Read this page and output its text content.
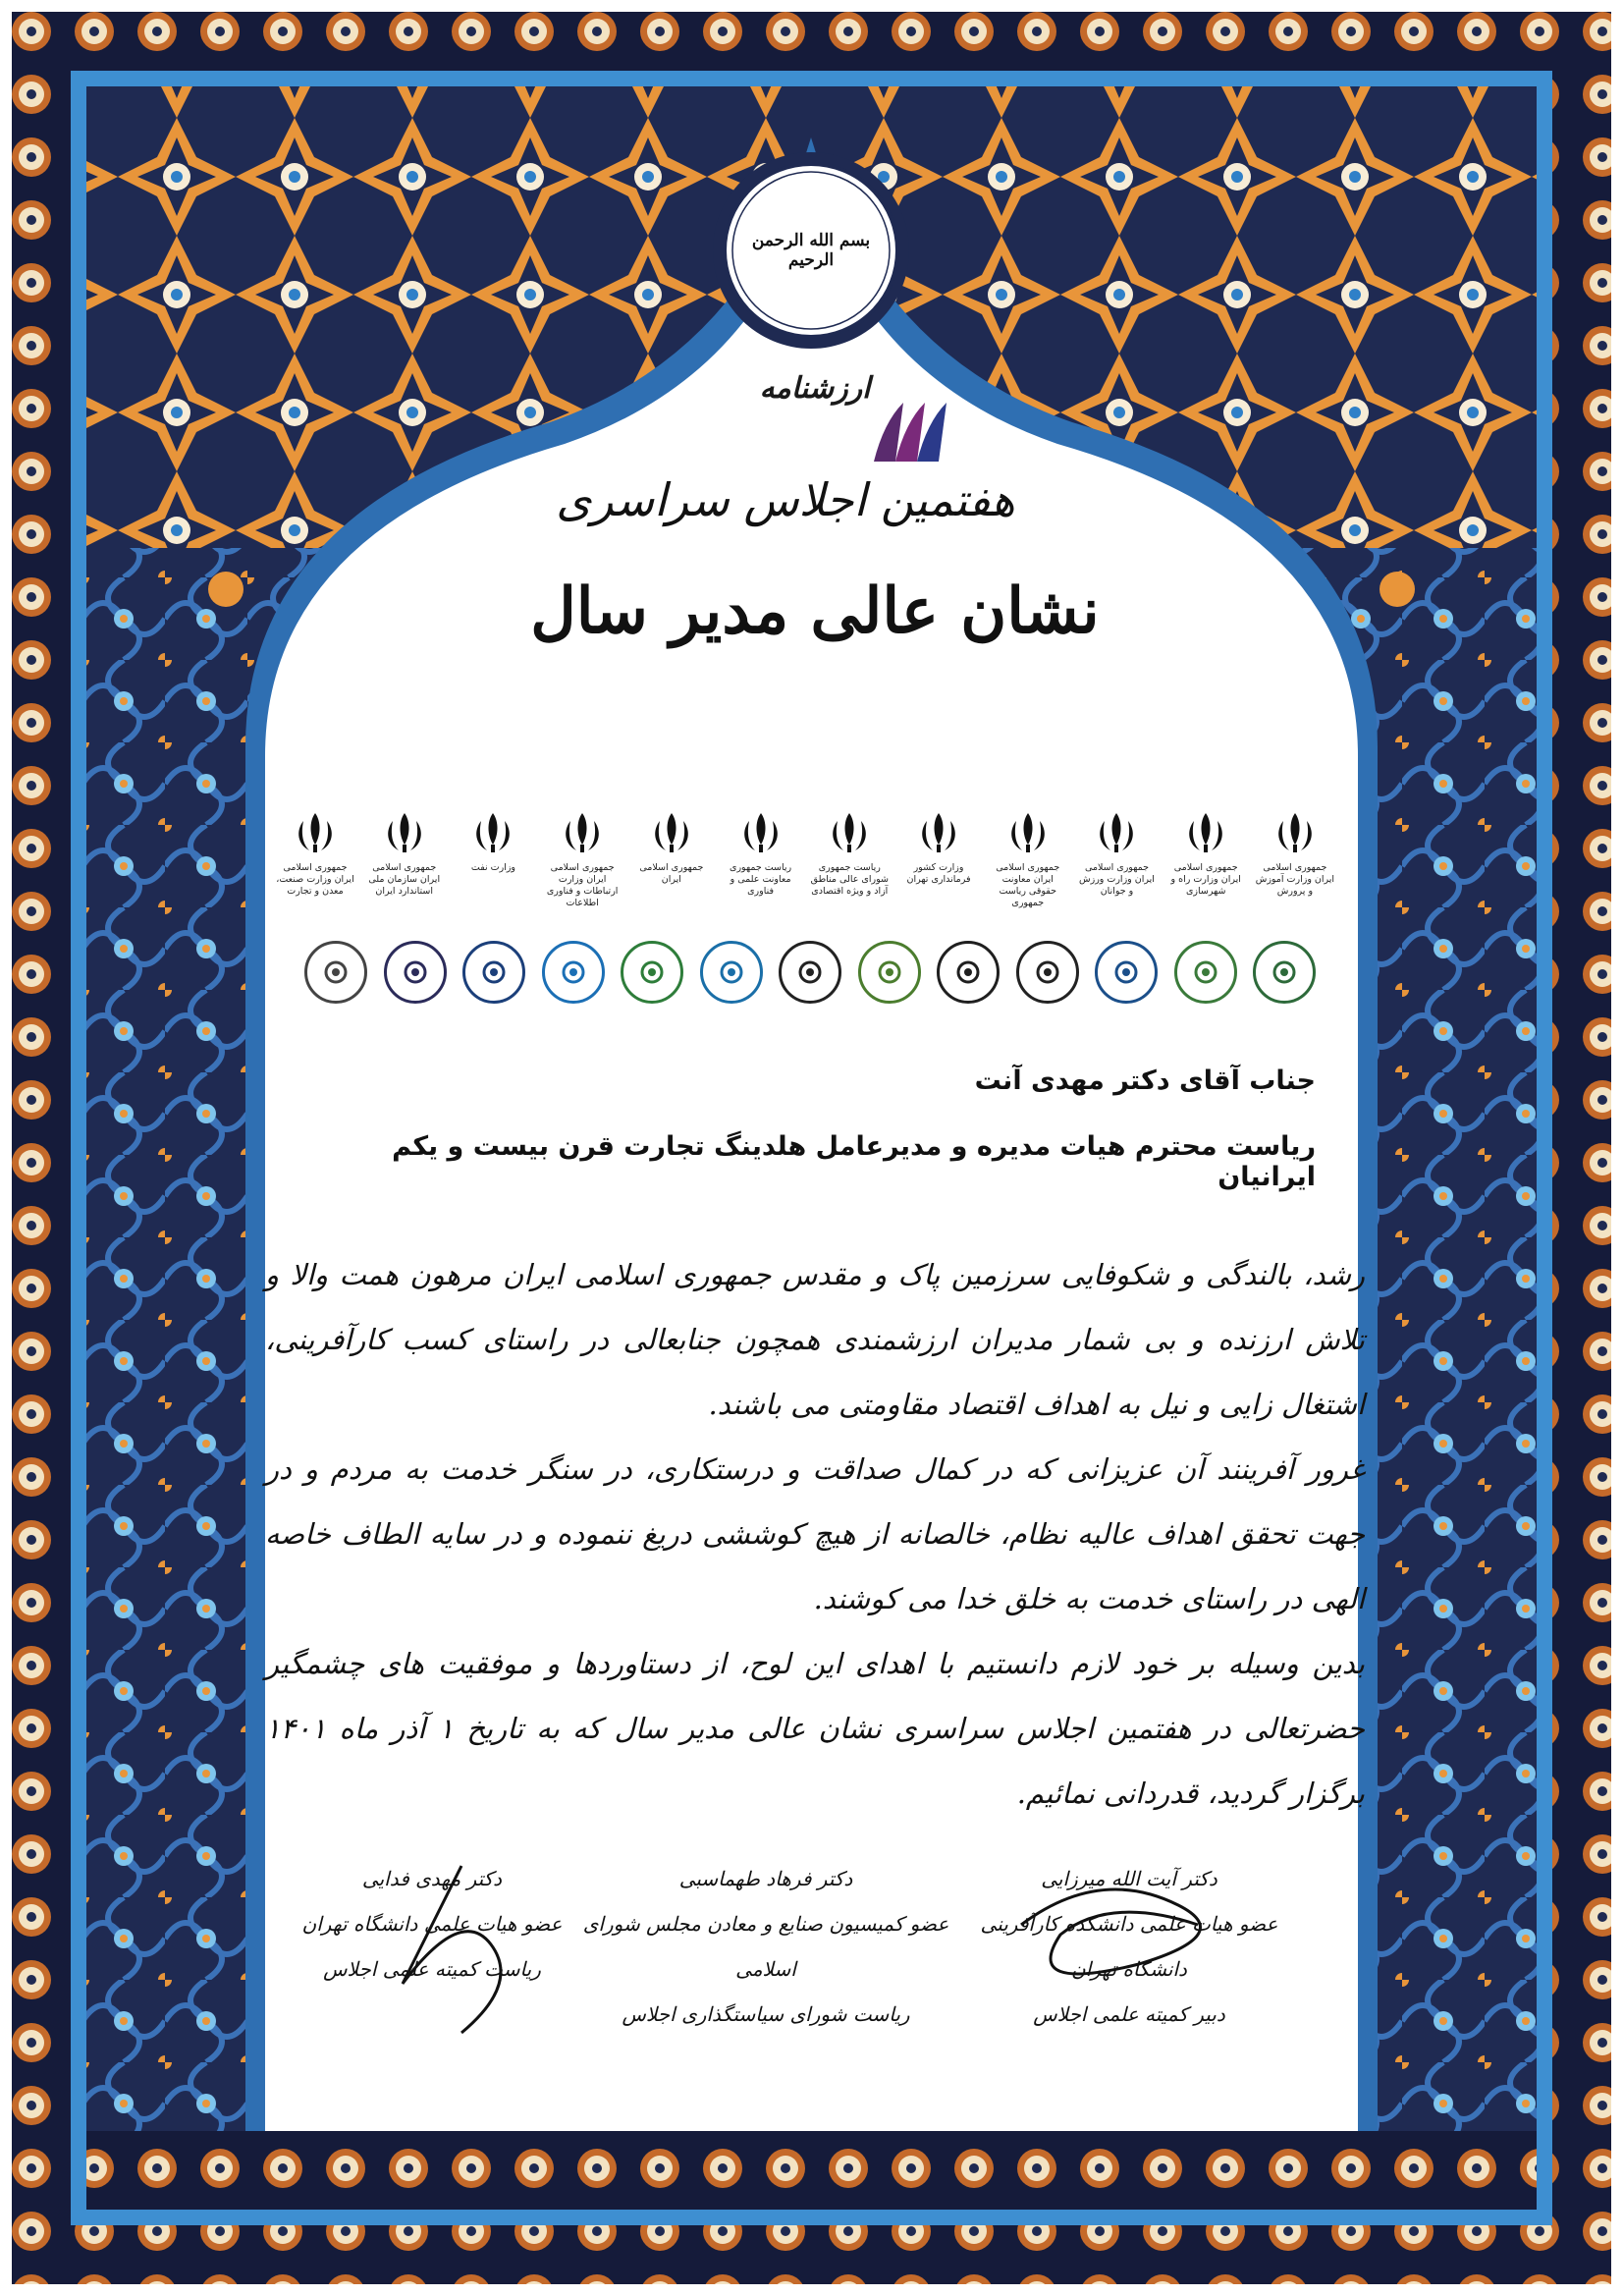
بسم الله الرحمن الرحیم
ارزشنامه
هفتمین اجلاس سراسری
نشان عالی مدیر سال
جمهوری اسلامی ایران وزارت آموزش و پرورش
جمهوری اسلامی ایران وزارت راه و شهرسازی
جمهوری اسلامی ایران وزارت ورزش و جوانان
جمهوری اسلامی ایران معاونت حقوقی ریاست جمهوری
وزارت کشور فرمانداری تهران
ریاست جمهوری شورای عالی مناطق آزاد و ویژه اقتصادی
ریاست جمهوری معاونت علمی و فناوری
جمهوری اسلامی ایران
جمهوری اسلامی ایران وزارت ارتباطات و فناوری اطلاعات
وزارت نفت
جمهوری اسلامی ایران سازمان ملی استاندارد ایران
جمهوری اسلامی ایران وزارت صنعت، معدن و تجارت
جناب آقای دکتر مهدی آنت
ریاست محترم هیات مدیره و مدیرعامل هلدینگ تجارت قرن بیست و یکم ایرانیان

رشد، بالندگی و شکوفایی سرزمین پاک و مقدس جمهوری اسلامی ایران مرهون همت والا و تلاش ارزنده و بی شمار مدیران ارزشمندی همچون جنابعالی در راستای کسب کارآفرینی، اشتغال زایی و نیل به اهداف اقتصاد مقاومتی می باشند.

غرور آفرینند آن عزیزانی که در کمال صداقت و درستکاری، در سنگر خدمت به مردم و در جهت تحقق اهداف عالیه نظام، خالصانه از هیچ کوششی دریغ ننموده و در سایه الطاف خاصه الهی در راستای خدمت به خلق خدا می کوشند.

بدین وسیله بر خود لازم دانستیم با اهدای این لوح، از دستاوردها و موفقیت های چشمگیر حضرتعالی در هفتمین اجلاس سراسری نشان عالی مدیر سال که به تاریخ ۱ آذر ماه ۱۴۰۱ برگزار گردید، قدردانی نمائیم.

دکتر آیت الله میرزایی
عضو هیات علمی دانشکده کارآفرینی دانشگاه تهران
دبیر کمیته علمی اجلاس
دکتر فرهاد طهماسبی
عضو کمیسیون صنایع و معادن مجلس شورای اسلامی
ریاست شورای سیاستگذاری اجلاس
دکتر مهدی فدایی
عضو هیات علمی دانشگاه تهران
ریاست کمیته علمی اجلاس
